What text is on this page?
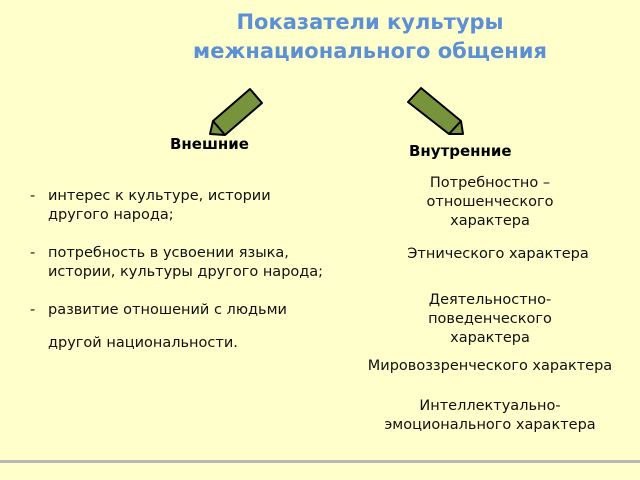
Показатели культуры
межнационального общения
Внешние	Внутренние
- интерес к культуре, истории другого народа;
- потребность в усвоении языка, истории, культуры другого народа;
- развитие отношений с людьми
другой национальности.
Потребностно – отношенческого характера
Этнического характера
Деятельностно-поведенческого характера
Мировоззренческого характера
Интеллектуально-эмоционального характера
